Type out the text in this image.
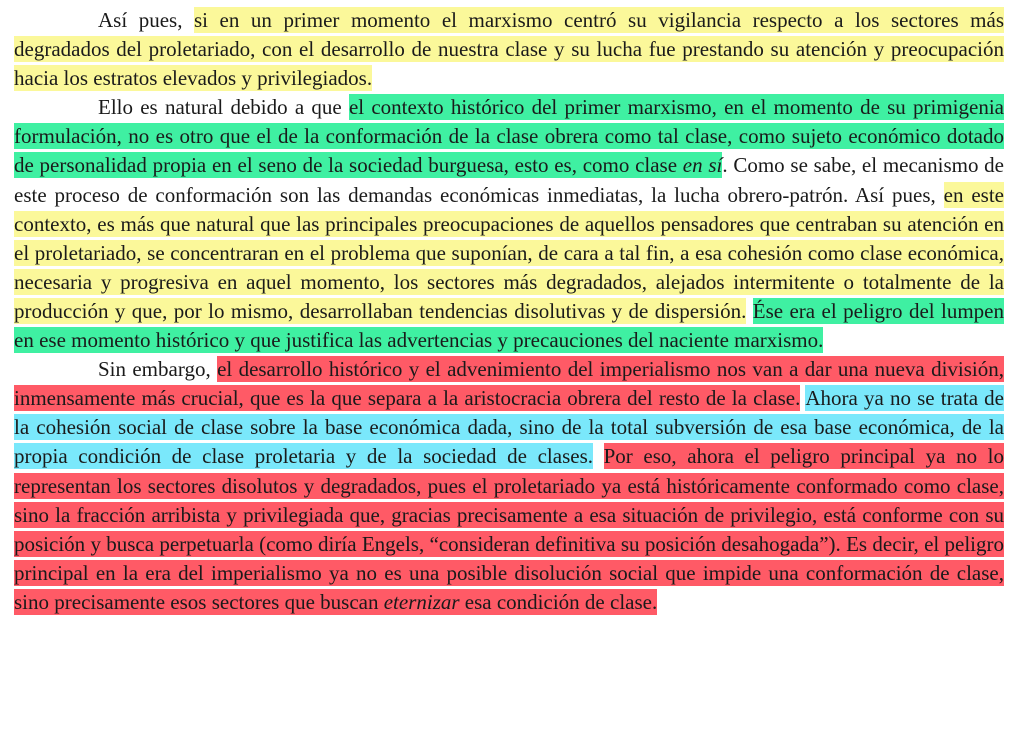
Así pues, si en un primer momento el marxismo centró su vigilancia respecto a los sectores más degradados del proletariado, con el desarrollo de nuestra clase y su lucha fue prestando su atención y preocupación hacia los estratos elevados y privilegiados.

Ello es natural debido a que el contexto histórico del primer marxismo, en el momento de su primigenia formulación, no es otro que el de la conformación de la clase obrera como tal clase, como sujeto económico dotado de personalidad propia en el seno de la sociedad burguesa, esto es, como clase en sí. Como se sabe, el mecanismo de este proceso de conformación son las demandas económicas inmediatas, la lucha obrero-patrón. Así pues, en este contexto, es más que natural que las principales preocupaciones de aquellos pensadores que centraban su atención en el proletariado, se concentraran en el problema que suponían, de cara a tal fin, a esa cohesión como clase económica, necesaria y progresiva en aquel momento, los sectores más degradados, alejados intermitente o totalmente de la producción y que, por lo mismo, desarrollaban tendencias disolutivas y de dispersión. Ése era el peligro del lumpen en ese momento histórico y que justifica las advertencias y precauciones del naciente marxismo.

Sin embargo, el desarrollo histórico y el advenimiento del imperialismo nos van a dar una nueva división, inmensamente más crucial, que es la que separa a la aristocracia obrera del resto de la clase. Ahora ya no se trata de la cohesión social de clase sobre la base económica dada, sino de la total subversión de esa base económica, de la propia condición de clase proletaria y de la sociedad de clases. Por eso, ahora el peligro principal ya no lo representan los sectores disolutos y degradados, pues el proletariado ya está históricamente conformado como clase, sino la fracción arribista y privilegiada que, gracias precisamente a esa situación de privilegio, está conforme con su posición y busca perpetuarla (como diría Engels, “consideran definitiva su posición desahogada”). Es decir, el peligro principal en la era del imperialismo ya no es una posible disolución social que impide una conformación de clase, sino precisamente esos sectores que buscan eternizar esa condición de clase.
